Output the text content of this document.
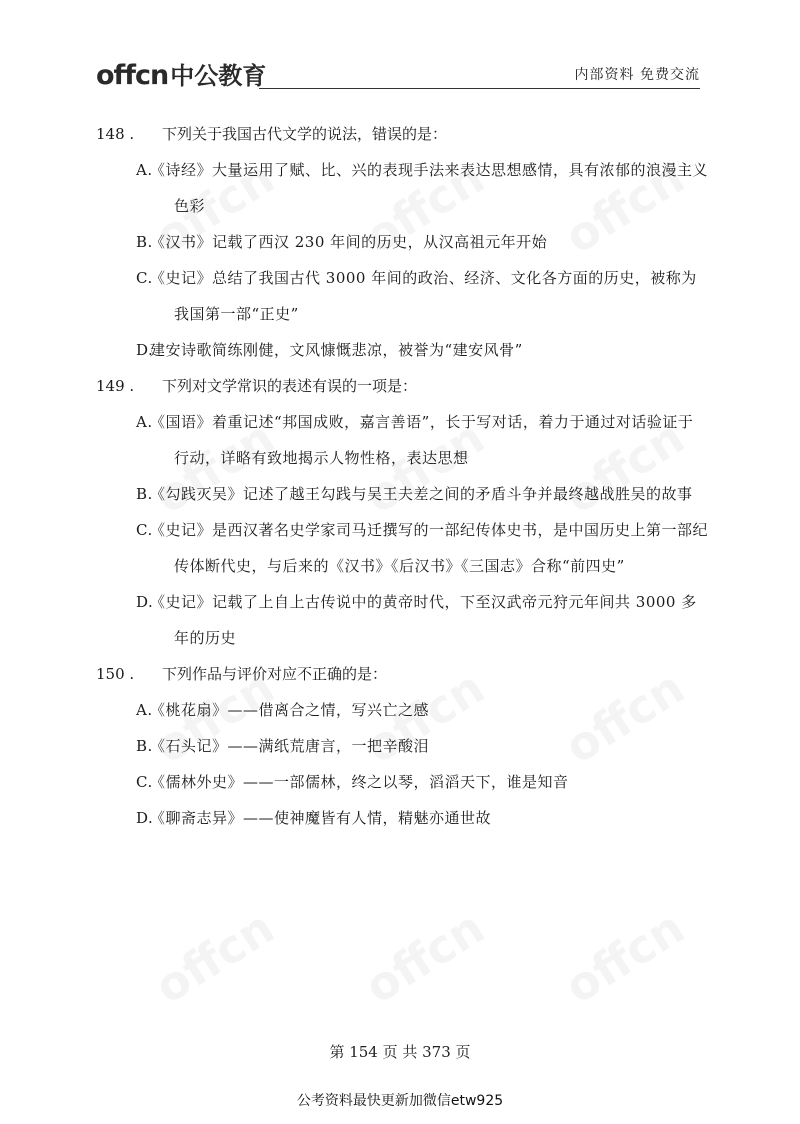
offcn中公教育	内部资料 免费交流
148 .	下列关于我国古代文学的说法，错误的是：
A.《诗经》大量运用了赋、比、兴的表现手法来表达思想感情，具有浓郁的浪漫主义色彩
B.《汉书》记载了西汉 230 年间的历史，从汉高祖元年开始
C.《史记》总结了我国古代 3000 年间的政治、经济、文化各方面的历史，被称为我国第一部“正史”
D.建安诗歌简练刚健，文风慷慨悲凉，被誉为“建安风骨”
149 .	下列对文学常识的表述有误的一项是：
A.《国语》着重记述“邦国成败，嘉言善语”，长于写对话，着力于通过对话验证于行动，详略有致地揭示人物性格，表达思想
B.《勾践灭吴》记述了越王勾践与吴王夫差之间的矛盾斗争并最终越战胜吴的故事
C.《史记》是西汉著名史学家司马迁撰写的一部纪传体史书，是中国历史上第一部纪传体断代史，与后来的《汉书》《后汉书》《三国志》合称“前四史”
D.《史记》记载了上自上古传说中的黄帝时代，下至汉武帝元狩元年间共 3000 多年的历史
150 .	下列作品与评价对应不正确的是：
A.《桃花扇》——借离合之情，写兴亡之感
B.《石头记》——满纸荒唐言，一把辛酸泪
C.《儒林外史》——一部儒林，终之以琴，滔滔天下，谁是知音
D.《聊斋志异》——使神魔皆有人情，精魅亦通世故
第 154 页 共 373 页
公考资料最快更新加微信etw925
